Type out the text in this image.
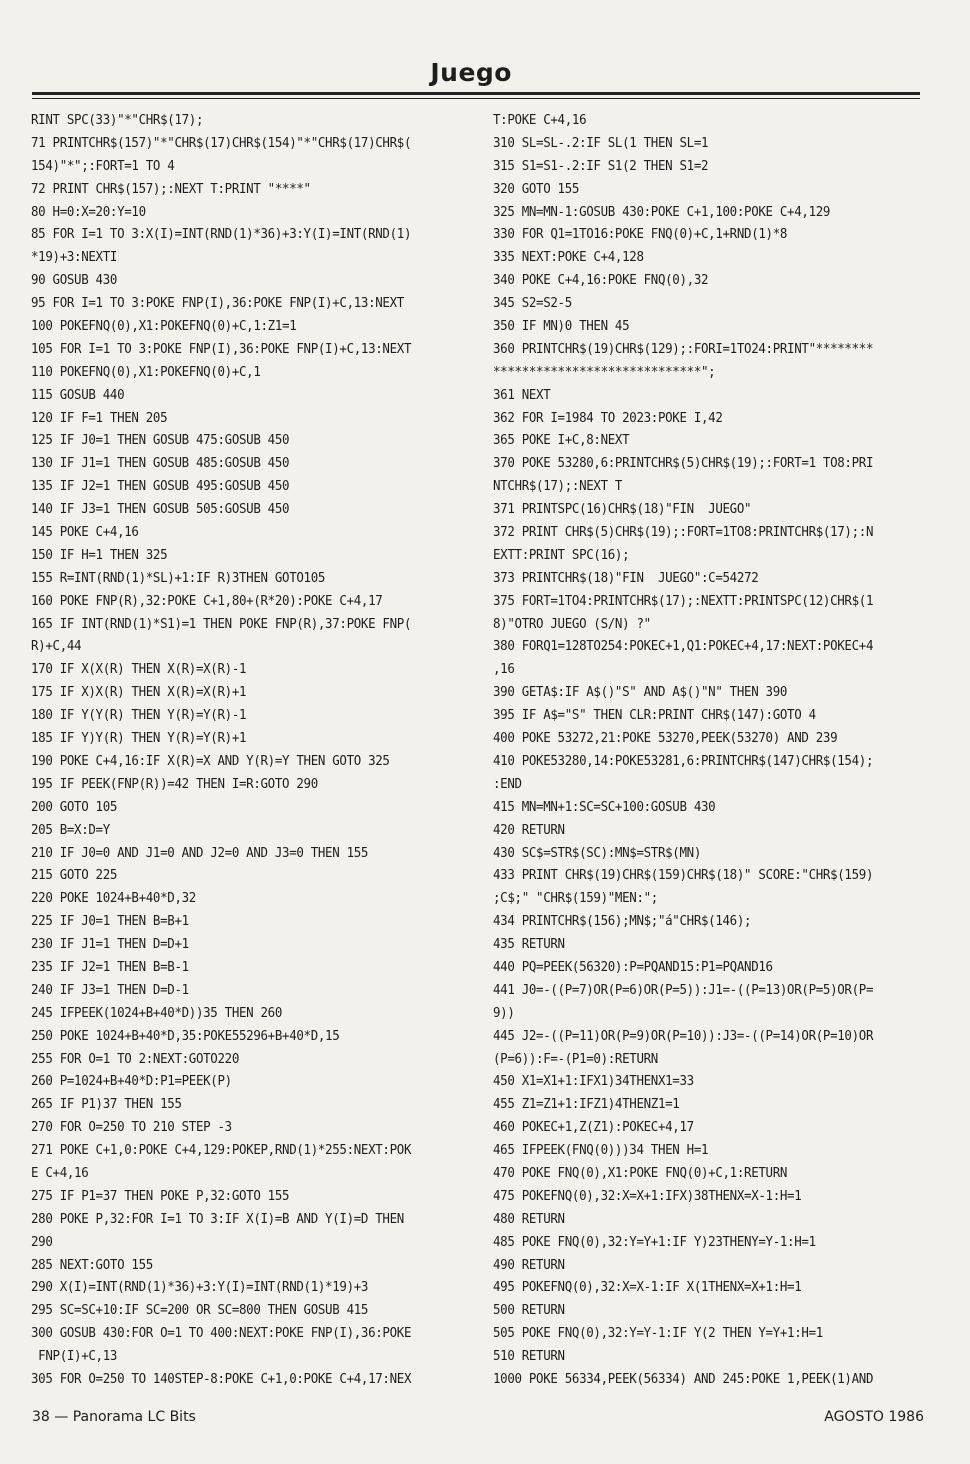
Juego
RINT SPC(33)"*"CHR$(17);
71 PRINTCHR$(157)"*"CHR$(17)CHR$(154)"*"CHR$(17)CHR$(
154)"*";:FORT=1 TO 4
72 PRINT CHR$(157);:NEXT T:PRINT "****"
80 H=0:X=20:Y=10
85 FOR I=1 TO 3:X(I)=INT(RND(1)*36)+3:Y(I)=INT(RND(1)
*19)+3:NEXTI
90 GOSUB 430
95 FOR I=1 TO 3:POKE FNP(I),36:POKE FNP(I)+C,13:NEXT
100 POKEFNQ(0),X1:POKEFNQ(0)+C,1:Z1=1
105 FOR I=1 TO 3:POKE FNP(I),36:POKE FNP(I)+C,13:NEXT
110 POKEFNQ(0),X1:POKEFNQ(0)+C,1
115 GOSUB 440
120 IF F=1 THEN 205
125 IF J0=1 THEN GOSUB 475:GOSUB 450
130 IF J1=1 THEN GOSUB 485:GOSUB 450
135 IF J2=1 THEN GOSUB 495:GOSUB 450
140 IF J3=1 THEN GOSUB 505:GOSUB 450
145 POKE C+4,16
150 IF H=1 THEN 325
155 R=INT(RND(1)*SL)+1:IF R)3THEN GOTO105
160 POKE FNP(R),32:POKE C+1,80+(R*20):POKE C+4,17
165 IF INT(RND(1)*S1)=1 THEN POKE FNP(R),37:POKE FNP(
R)+C,44
170 IF X(X(R) THEN X(R)=X(R)-1
175 IF X)X(R) THEN X(R)=X(R)+1
180 IF Y(Y(R) THEN Y(R)=Y(R)-1
185 IF Y)Y(R) THEN Y(R)=Y(R)+1
190 POKE C+4,16:IF X(R)=X AND Y(R)=Y THEN GOTO 325
195 IF PEEK(FNP(R))=42 THEN I=R:GOTO 290
200 GOTO 105
205 B=X:D=Y
210 IF J0=0 AND J1=0 AND J2=0 AND J3=0 THEN 155
215 GOTO 225
220 POKE 1024+B+40*D,32
225 IF J0=1 THEN B=B+1
230 IF J1=1 THEN D=D+1
235 IF J2=1 THEN B=B-1
240 IF J3=1 THEN D=D-1
245 IFPEEK(1024+B+40*D))35 THEN 260
250 POKE 1024+B+40*D,35:POKE55296+B+40*D,15
255 FOR O=1 TO 2:NEXT:GOTO220
260 P=1024+B+40*D:P1=PEEK(P)
265 IF P1)37 THEN 155
270 FOR O=250 TO 210 STEP -3
271 POKE C+1,0:POKE C+4,129:POKEP,RND(1)*255:NEXT:POK
E C+4,16
275 IF P1=37 THEN POKE P,32:GOTO 155
280 POKE P,32:FOR I=1 TO 3:IF X(I)=B AND Y(I)=D THEN
290
285 NEXT:GOTO 155
290 X(I)=INT(RND(1)*36)+3:Y(I)=INT(RND(1)*19)+3
295 SC=SC+10:IF SC=200 OR SC=800 THEN GOSUB 415
300 GOSUB 430:FOR O=1 TO 400:NEXT:POKE FNP(I),36:POKE
FNP(I)+C,13
305 FOR O=250 TO 140STEP-8:POKE C+1,0:POKE C+4,17:NEX
T:POKE C+4,16
310 SL=SL-.2:IF SL(1 THEN SL=1
315 S1=S1-.2:IF S1(2 THEN S1=2
320 GOTO 155
325 MN=MN-1:GOSUB 430:POKE C+1,100:POKE C+4,129
330 FOR Q1=1TO16:POKE FNQ(0)+C,1+RND(1)*8
335 NEXT:POKE C+4,128
340 POKE C+4,16:POKE FNQ(0),32
345 S2=S2-5
350 IF MN)0 THEN 45
360 PRINTCHR$(19)CHR$(129);:FORI=1TO24:PRINT"********
*****************************";
361 NEXT
362 FOR I=1984 TO 2023:POKE I,42
365 POKE I+C,8:NEXT
370 POKE 53280,6:PRINTCHR$(5)CHR$(19);:FORT=1 TO8:PRI
NTCHR$(17);:NEXT T
371 PRINTSPC(16)CHR$(18)"FIN  JUEGO"
372 PRINT CHR$(5)CHR$(19);:FORT=1TO8:PRINTCHR$(17);:N
EXTT:PRINT SPC(16);
373 PRINTCHR$(18)"FIN  JUEGO":C=54272
375 FORT=1TO4:PRINTCHR$(17);:NEXTT:PRINTSPC(12)CHR$(1
8)"OTRO JUEGO (S/N) ?"
380 FORQ1=128TO254:POKEC+1,Q1:POKEC+4,17:NEXT:POKEC+4
,16
390 GETA$:IF A$()"S" AND A$()"N" THEN 390
395 IF A$="S" THEN CLR:PRINT CHR$(147):GOTO 4
400 POKE 53272,21:POKE 53270,PEEK(53270) AND 239
410 POKE53280,14:POKE53281,6:PRINTCHR$(147)CHR$(154);
:END
415 MN=MN+1:SC=SC+100:GOSUB 430
420 RETURN
430 SC$=STR$(SC):MN$=STR$(MN)
433 PRINT CHR$(19)CHR$(159)CHR$(18)" SCORE:"CHR$(159)
;C$;" "CHR$(159)"MEN:";
434 PRINTCHR$(156);MN$;"á"CHR$(146);
435 RETURN
440 PQ=PEEK(56320):P=PQAND15:P1=PQAND16
441 J0=-((P=7)OR(P=6)OR(P=5)):J1=-((P=13)OR(P=5)OR(P=
9))
445 J2=-((P=11)OR(P=9)OR(P=10)):J3=-((P=14)OR(P=10)OR
(P=6)):F=-(P1=0):RETURN
450 X1=X1+1:IFX1)34THENX1=33
455 Z1=Z1+1:IFZ1)4THENZ1=1
460 POKEC+1,Z(Z1):POKEC+4,17
465 IFPEEK(FNQ(0)))34 THEN H=1
470 POKE FNQ(0),X1:POKE FNQ(0)+C,1:RETURN
475 POKEFNQ(0),32:X=X+1:IFX)38THENX=X-1:H=1
480 RETURN
485 POKE FNQ(0),32:Y=Y+1:IF Y)23THENY=Y-1:H=1
490 RETURN
495 POKEFNQ(0),32:X=X-1:IF X(1THENX=X+1:H=1
500 RETURN
505 POKE FNQ(0),32:Y=Y-1:IF Y(2 THEN Y=Y+1:H=1
510 RETURN
1000 POKE 56334,PEEK(56334) AND 245:POKE 1,PEEK(1)AND
38 — Panorama LC Bits	AGOSTO 1986
